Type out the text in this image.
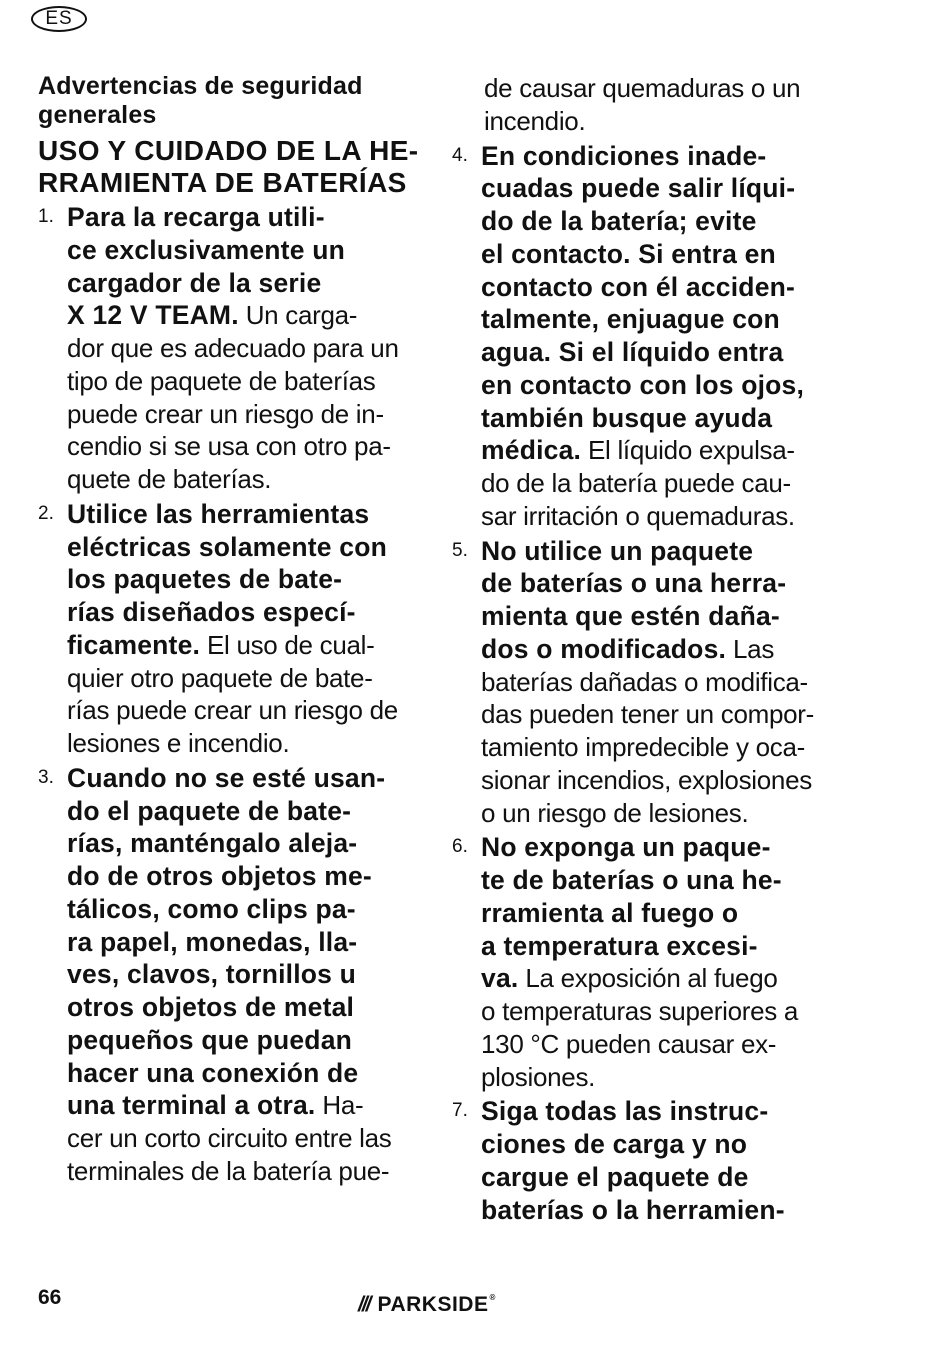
ES
Advertencias de seguridad
generales
USO Y CUIDADO DE LA HE-
RRAMIENTA DE BATERÍAS
1. Para la recarga utili-
ce exclusivamente un
cargador de la serie
X 12 V TEAM. Un carga-
dor que es adecuado para un
tipo de paquete de baterías
puede crear un riesgo de in-
cendio si se usa con otro pa-
quete de baterías.
2. Utilice las herramientas
eléctricas solamente con
los paquetes de bate-
rías diseñados especí-
ficamente. El uso de cual-
quier otro paquete de bate-
rías puede crear un riesgo de
lesiones e incendio.
3. Cuando no se esté usan-
do el paquete de bate-
rías, manténgalo aleja-
do de otros objetos me-
tálicos, como clips pa-
ra papel, monedas, lla-
ves, clavos, tornillos u
otros objetos de metal
pequeños que puedan
hacer una conexión de
una terminal a otra. Ha-
cer un corto circuito entre las
terminales de la batería pue-
de causar quemaduras o un
incendio.
4. En condiciones inade-
cuadas puede salir líqui-
do de la batería; evite
el contacto. Si entra en
contacto con él acciden-
talmente, enjuague con
agua. Si el líquido entra
en contacto con los ojos,
también busque ayuda
médica. El líquido expulsa-
do de la batería puede cau-
sar irritación o quemaduras.
5. No utilice un paquete
de baterías o una herra-
mienta que estén daña-
dos o modificados. Las
baterías dañadas o modifica-
das pueden tener un compor-
tamiento impredecible y oca-
sionar incendios, explosiones
o un riesgo de lesiones.
6. No exponga un paque-
te de baterías o una he-
rramienta al fuego o
a temperatura excesi-
va. La exposición al fuego
o temperaturas superiores a
130 °C pueden causar ex-
plosiones.
7. Siga todas las instruc-
ciones de carga y no
cargue el paquete de
baterías o la herramien-
66	/// PARKSIDE ®
